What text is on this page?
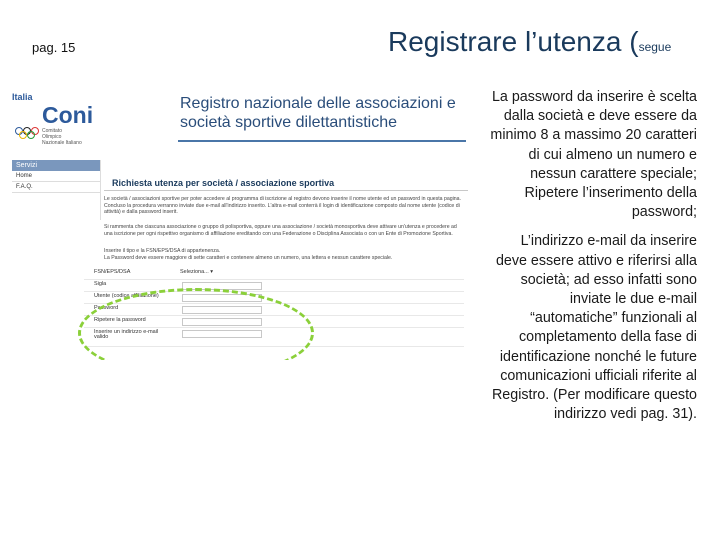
pag. 15	Registrare l’utenza (segue

La password da inserire è scelta dalla società e deve essere da minimo 8 a massimo 20 caratteri di cui almeno un numero e nessun carattere speciale; Ripetere l’inserimento della password;

L’indirizzo e-mail da inserire deve essere attivo e riferirsi alla società; ad esso infatti sono inviate le due e-mail “automatiche” funzionali al completamento della fase di identificazione nonché le future comunicazioni ufficiali riferite al Registro. (Per modificare questo indirizzo vedi pag. 31).

Italia
Coni
Comitato Olimpico Nazionale Italiano
Registro nazionale delle associazioni e società sportive dilettantistiche
Servizi
Home
F.A.Q.	Richiesta utenza per società / associazione sportiva
Le società / associazioni sportive per poter accedere al programma di iscrizione al registro devono inserire il nome utente ed un password in questa pagina. Concluso la procedura verranno inviate due e-mail all'indirizzo inserito. L'altra e-mail conterrà il login di identificazione composto dal nome utente (codice di attività) e dalla password inserit.
Si rammenta che ciascuna associazione o gruppo di polisportiva, oppure una associazione / società monosportiva deve attivare un'utenza e procedere ad una iscrizione per ogni rispettivo organismo di affiliazione ereditando con una Federazione o Disciplina Associata o con un Ente di Promozione Sportiva.
Inserire il tipo e la FSN/EPS/DSA di appartenenza.
La Password deve essere maggiore di sette caratteri e contenere almeno un numero, una lettera e nessun carattere speciale.
FSN/EPS/DSA	Seleziona... ▾
Sigla
Utente (codice affiliazione)
Password
Ripetere la password
Inserire un indirizzo e-mail valido
